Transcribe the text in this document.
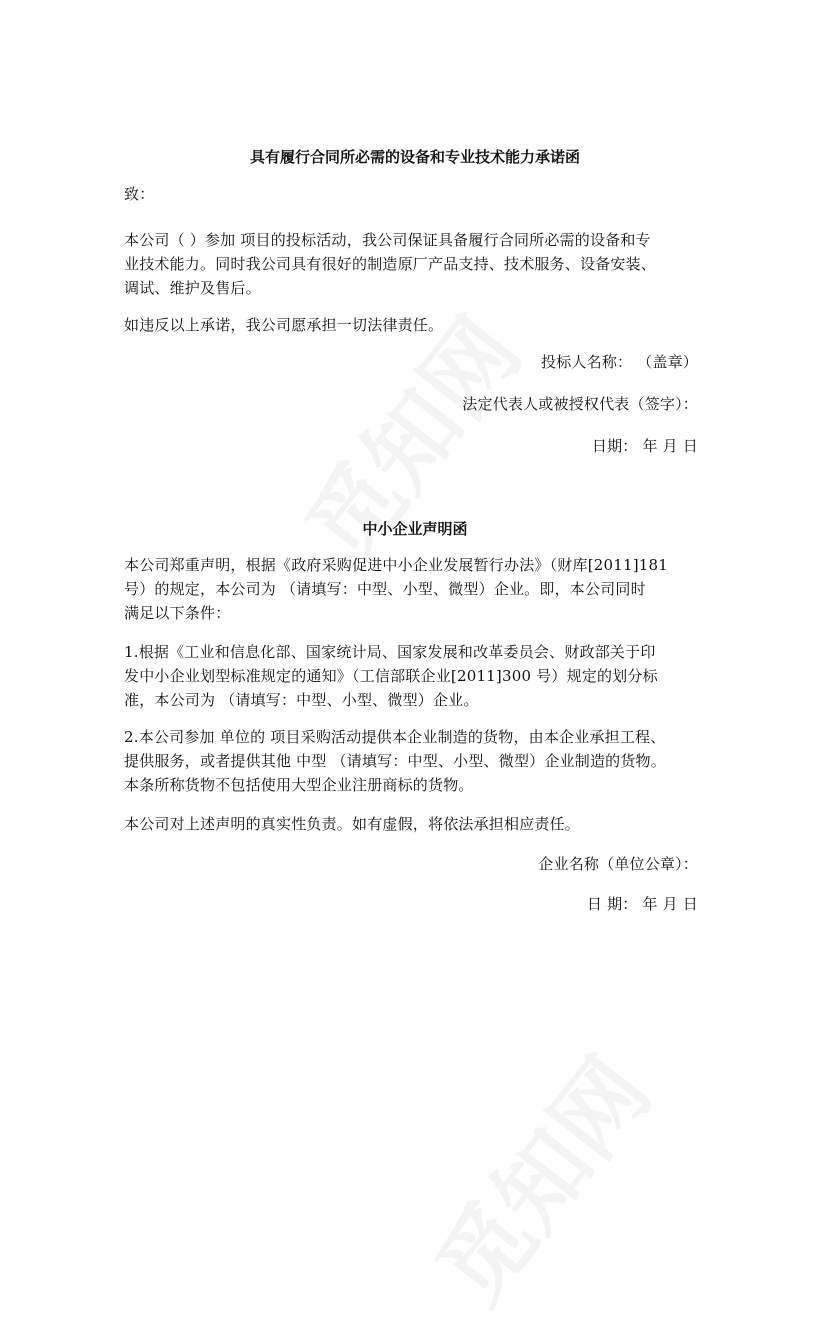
具有履行合同所必需的设备和专业技术能力承诺函
致：
本公司（ ）参加 项目的投标活动，我公司保证具备履行合同所必需的设备和专
业技术能力。同时我公司具有很好的制造原厂产品支持、技术服务、设备安装、
调试、维护及售后。
如违反以上承诺，我公司愿承担一切法律责任。
投标人名称： （盖章）
法定代表人或被授权代表（签字）：
日期： 年 月 日
中小企业声明函
本公司郑重声明，根据《政府采购促进中小企业发展暂行办法》（财库[2011]181
号）的规定，本公司为 （请填写：中型、小型、微型）企业。即，本公司同时
满足以下条件：
1.根据《工业和信息化部、国家统计局、国家发展和改革委员会、财政部关于印
发中小企业划型标准规定的通知》（工信部联企业[2011]300 号）规定的划分标
准，本公司为 （请填写：中型、小型、微型）企业。
2.本公司参加 单位的 项目采购活动提供本企业制造的货物，由本企业承担工程、
提供服务，或者提供其他 中型 （请填写：中型、小型、微型）企业制造的货物。
本条所称货物不包括使用大型企业注册商标的货物。
本公司对上述声明的真实性负责。如有虚假，将依法承担相应责任。
企业名称（单位公章）：
日 期： 年 月 日
